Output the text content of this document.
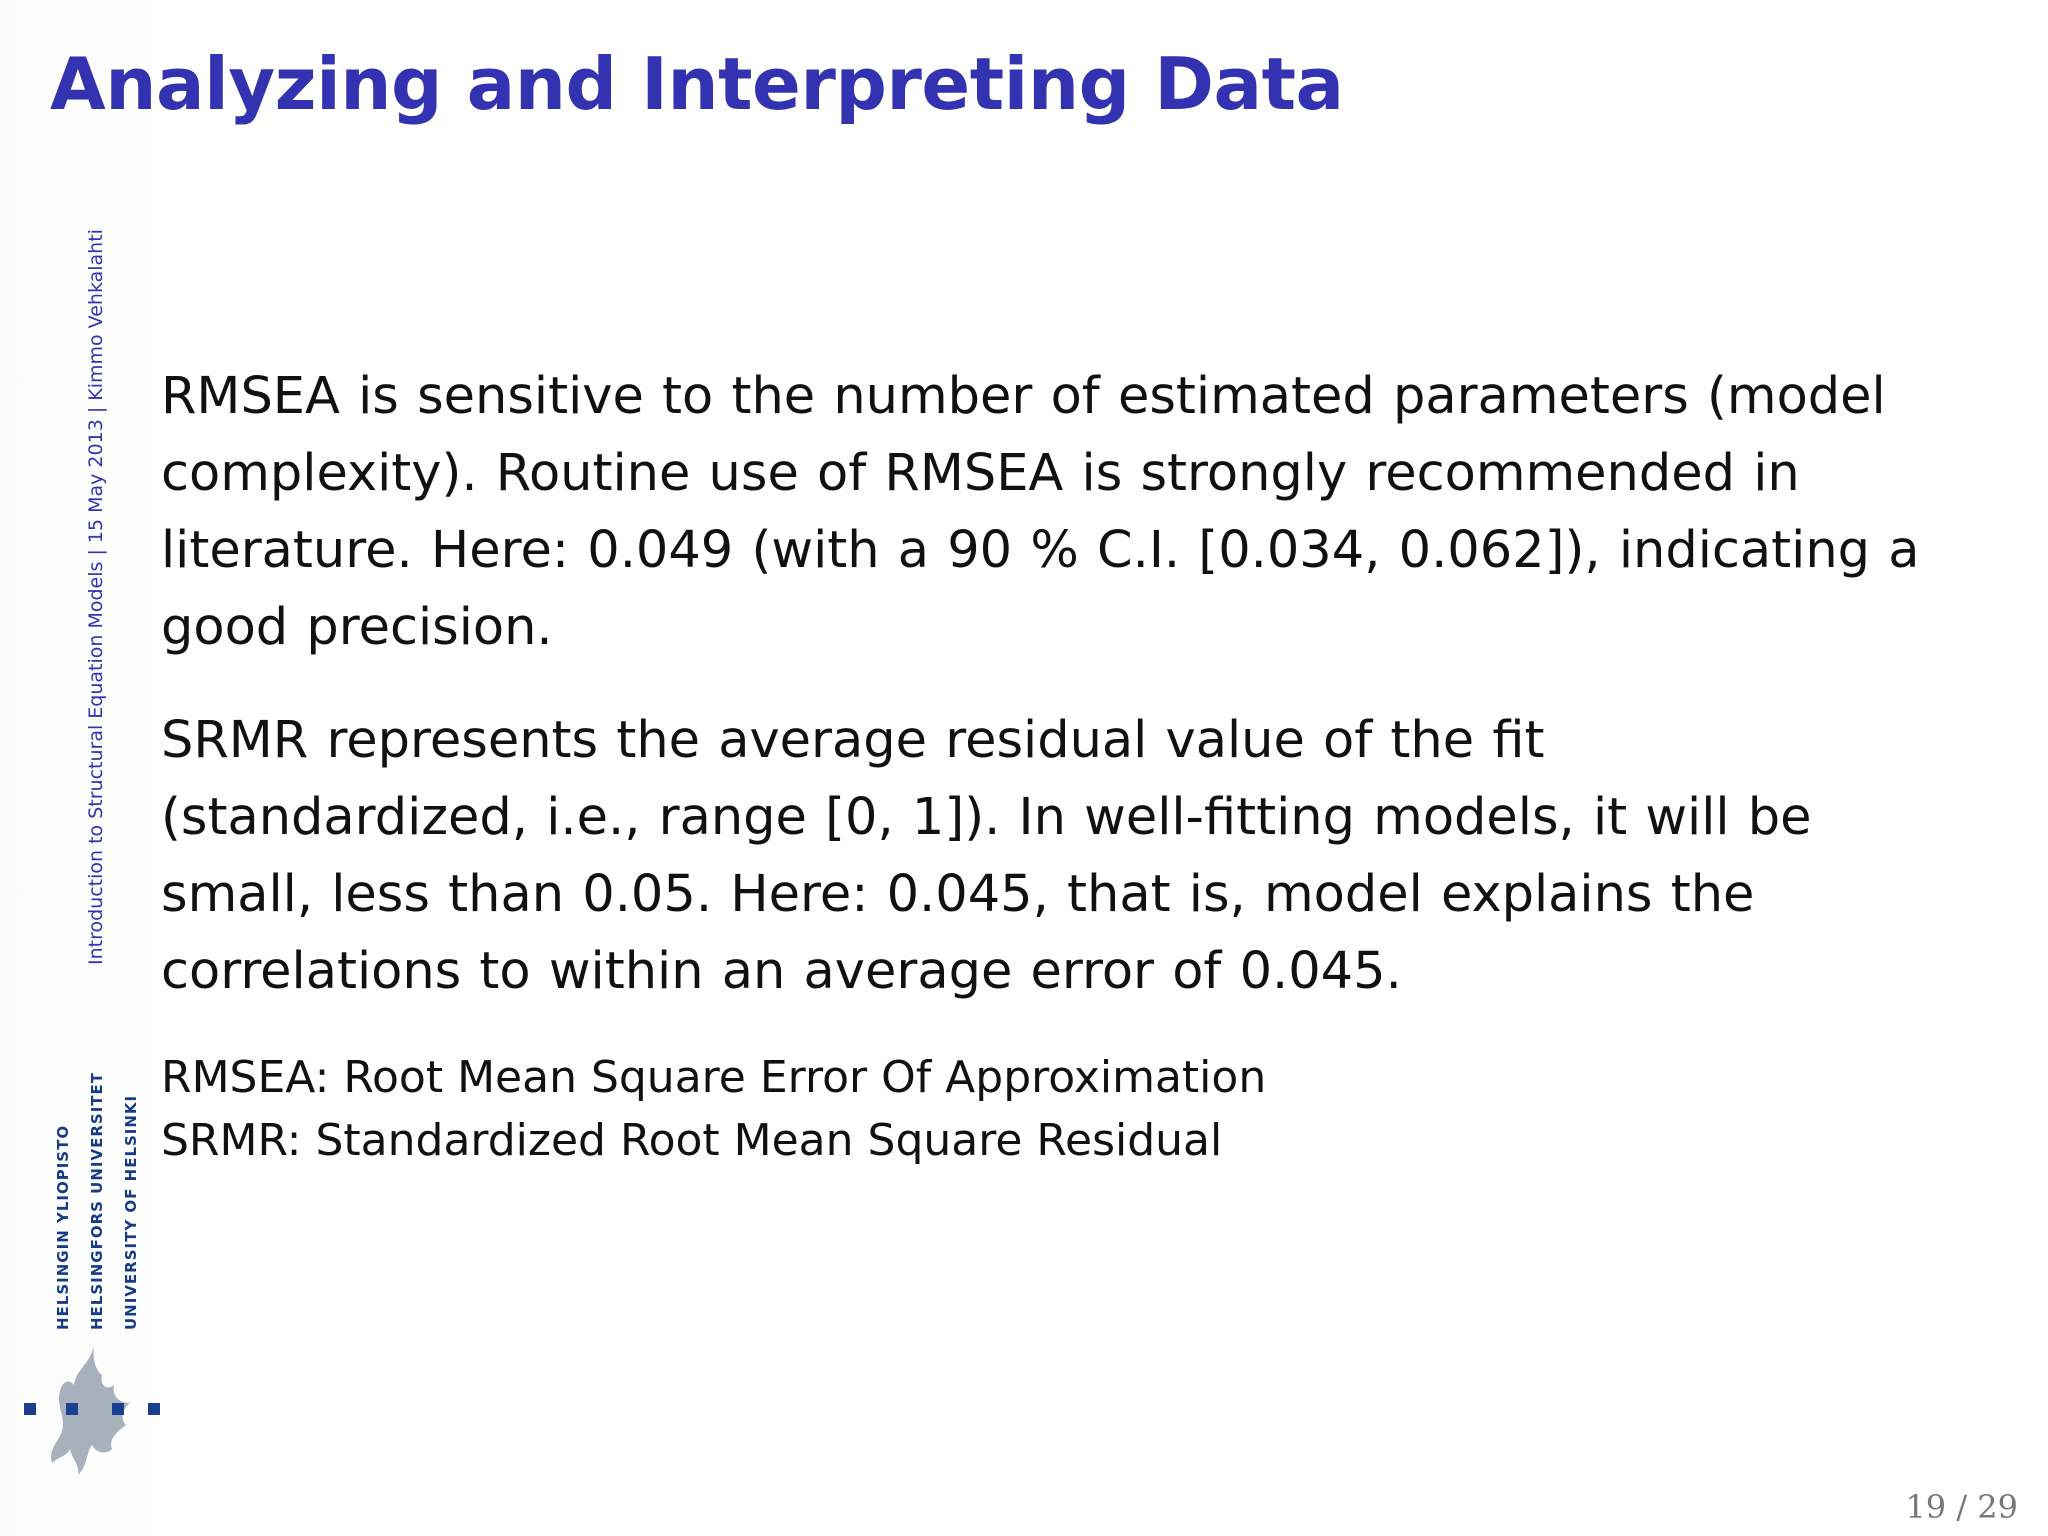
Analyzing and Interpreting Data
Introduction to Structural Equation Models | 15 May 2013 | Kimmo Vehkalahti RMSEA is sensitive to the number of estimated parameters (model complexity). Routine use of RMSEA is strongly recommended in literature. Here: 0.049 (with a 90 % C.I. [0.034, 0.062]), indicating a good precision.

SRMR represents the average residual value of the fit (standardized, i.e., range [0, 1]). In well-fitting models, it will be small, less than 0.05. Here: 0.045, that is, model explains the correlations to within an average error of 0.045.

RMSEA: Root Mean Square Error Of Approximation
SRMR: Standardized Root Mean Square Residual
HELSINGIN YLIOPISTO HELSINGFORS UNIVERSITET UNIVERSITY OF HELSINKI
19 / 29
